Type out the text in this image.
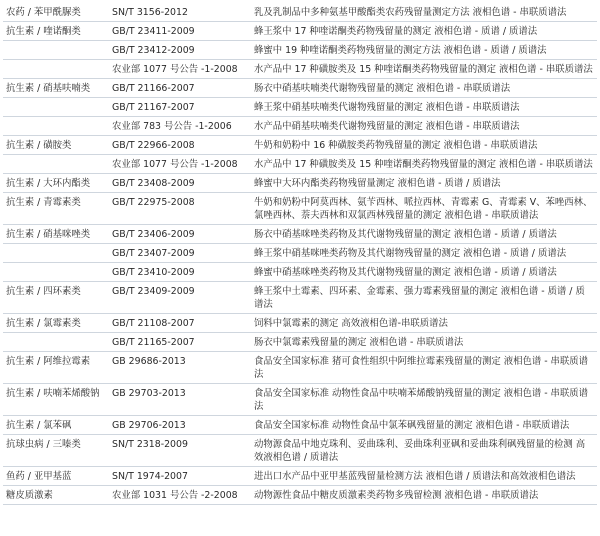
农药 / 苯甲酰脲类	SN/T 3156-2012	乳及乳制品中多种氨基甲酸酯类农药残留量测定方法 液相色谱 - 串联质谱法
抗生素 / 喹诺酮类	GB/T 23411-2009	蜂王浆中 17 种喹诺酮类药物残留量的测定 液相色谱 - 质谱 / 质谱法
	GB/T 23412-2009	蜂蜜中 19 种喹诺酮类药物残留量的测定方法 液相色谱 - 质谱 / 质谱法
	农业部 1077 号公告 -1-2008	水产品中 17 种磺胺类及 15 种喹诺酮类药物残留量的测定 液相色谱 - 串联质谱法
抗生素 / 硝基呋喃类	GB/T 21166-2007	肠衣中硝基呋喃类代谢物残留量的测定 液相色谱 - 串联质谱法
	GB/T 21167-2007	蜂王浆中硝基呋喃类代谢物残留量的测定 液相色谱 - 串联质谱法
	农业部 783 号公告 -1-2006	水产品中硝基呋喃类代谢物残留量的测定 液相色谱 - 串联质谱法
抗生素 / 磺胺类	GB/T 22966-2008	牛奶和奶粉中 16 种磺胺类药物残留量的测定 液相色谱 - 串联质谱法
	农业部 1077 号公告 -1-2008	水产品中 17 种磺胺类及 15 种喹诺酮类药物残留量的测定 液相色谱 - 串联质谱法
抗生素 / 大环内酯类	GB/T 23408-2009	蜂蜜中大环内酯类药物残留量测定 液相色谱 - 质谱 / 质谱法
抗生素 / 青霉素类	GB/T 22975-2008	牛奶和奶粉中阿莫西林、氨苄西林、哌拉西林、青霉素 G、青霉素 V、苯唑西林、氯唑西林、萘夫西林和双氯西林残留量的测定 液相色谱 - 串联质谱法
抗生素 / 硝基咪唑类	GB/T 23406-2009	肠衣中硝基咪唑类药物及其代谢物残留量的测定 液相色谱 - 质谱 / 质谱法
	GB/T 23407-2009	蜂王浆中硝基咪唑类药物及其代谢物残留量的测定 液相色谱 - 质谱 / 质谱法
	GB/T 23410-2009	蜂蜜中硝基咪唑类药物及其代谢物残留量的测定 液相色谱 - 质谱 / 质谱法
抗生素 / 四环素类	GB/T 23409-2009	蜂王浆中土霉素、四环素、金霉素、强力霉素残留量的测定 液相色谱 - 质谱 / 质谱法
抗生素 / 氯霉素类	GB/T 21108-2007	饲料中氯霉素的测定 高效液相色谱-串联质谱法
	GB/T 21165-2007	肠衣中氯霉素残留量的测定 液相色谱 - 串联质谱法
抗生素 / 阿维拉霉素	GB 29686-2013	食品安全国家标准 猪可食性组织中阿维拉霉素残留量的测定 液相色谱 - 串联质谱法
抗生素 / 呋喃苯烯酸钠	GB 29703-2013	食品安全国家标准 动物性食品中呋喃苯烯酸钠残留量的测定 液相色谱 - 串联质谱法
抗生素 / 氯苯砜	GB 29706-2013	食品安全国家标准 动物性食品中氯苯砜残留量的测定 液相色谱 - 串联质谱法
抗球虫病 / 三嗪类	SN/T 2318-2009	动物源食品中地克珠利、妥曲珠利、妥曲珠利亚砜和妥曲珠利砜残留量的检测 高效液相色谱 / 质谱法
鱼药 / 亚甲基蓝	SN/T 1974-2007	进出口水产品中亚甲基蓝残留量检测方法 液相色谱 / 质谱法和高效液相色谱法
糖皮质激素	农业部 1031 号公告 -2-2008	动物源性食品中糖皮质激素类药物多残留检测 液相色谱 - 串联质谱法
